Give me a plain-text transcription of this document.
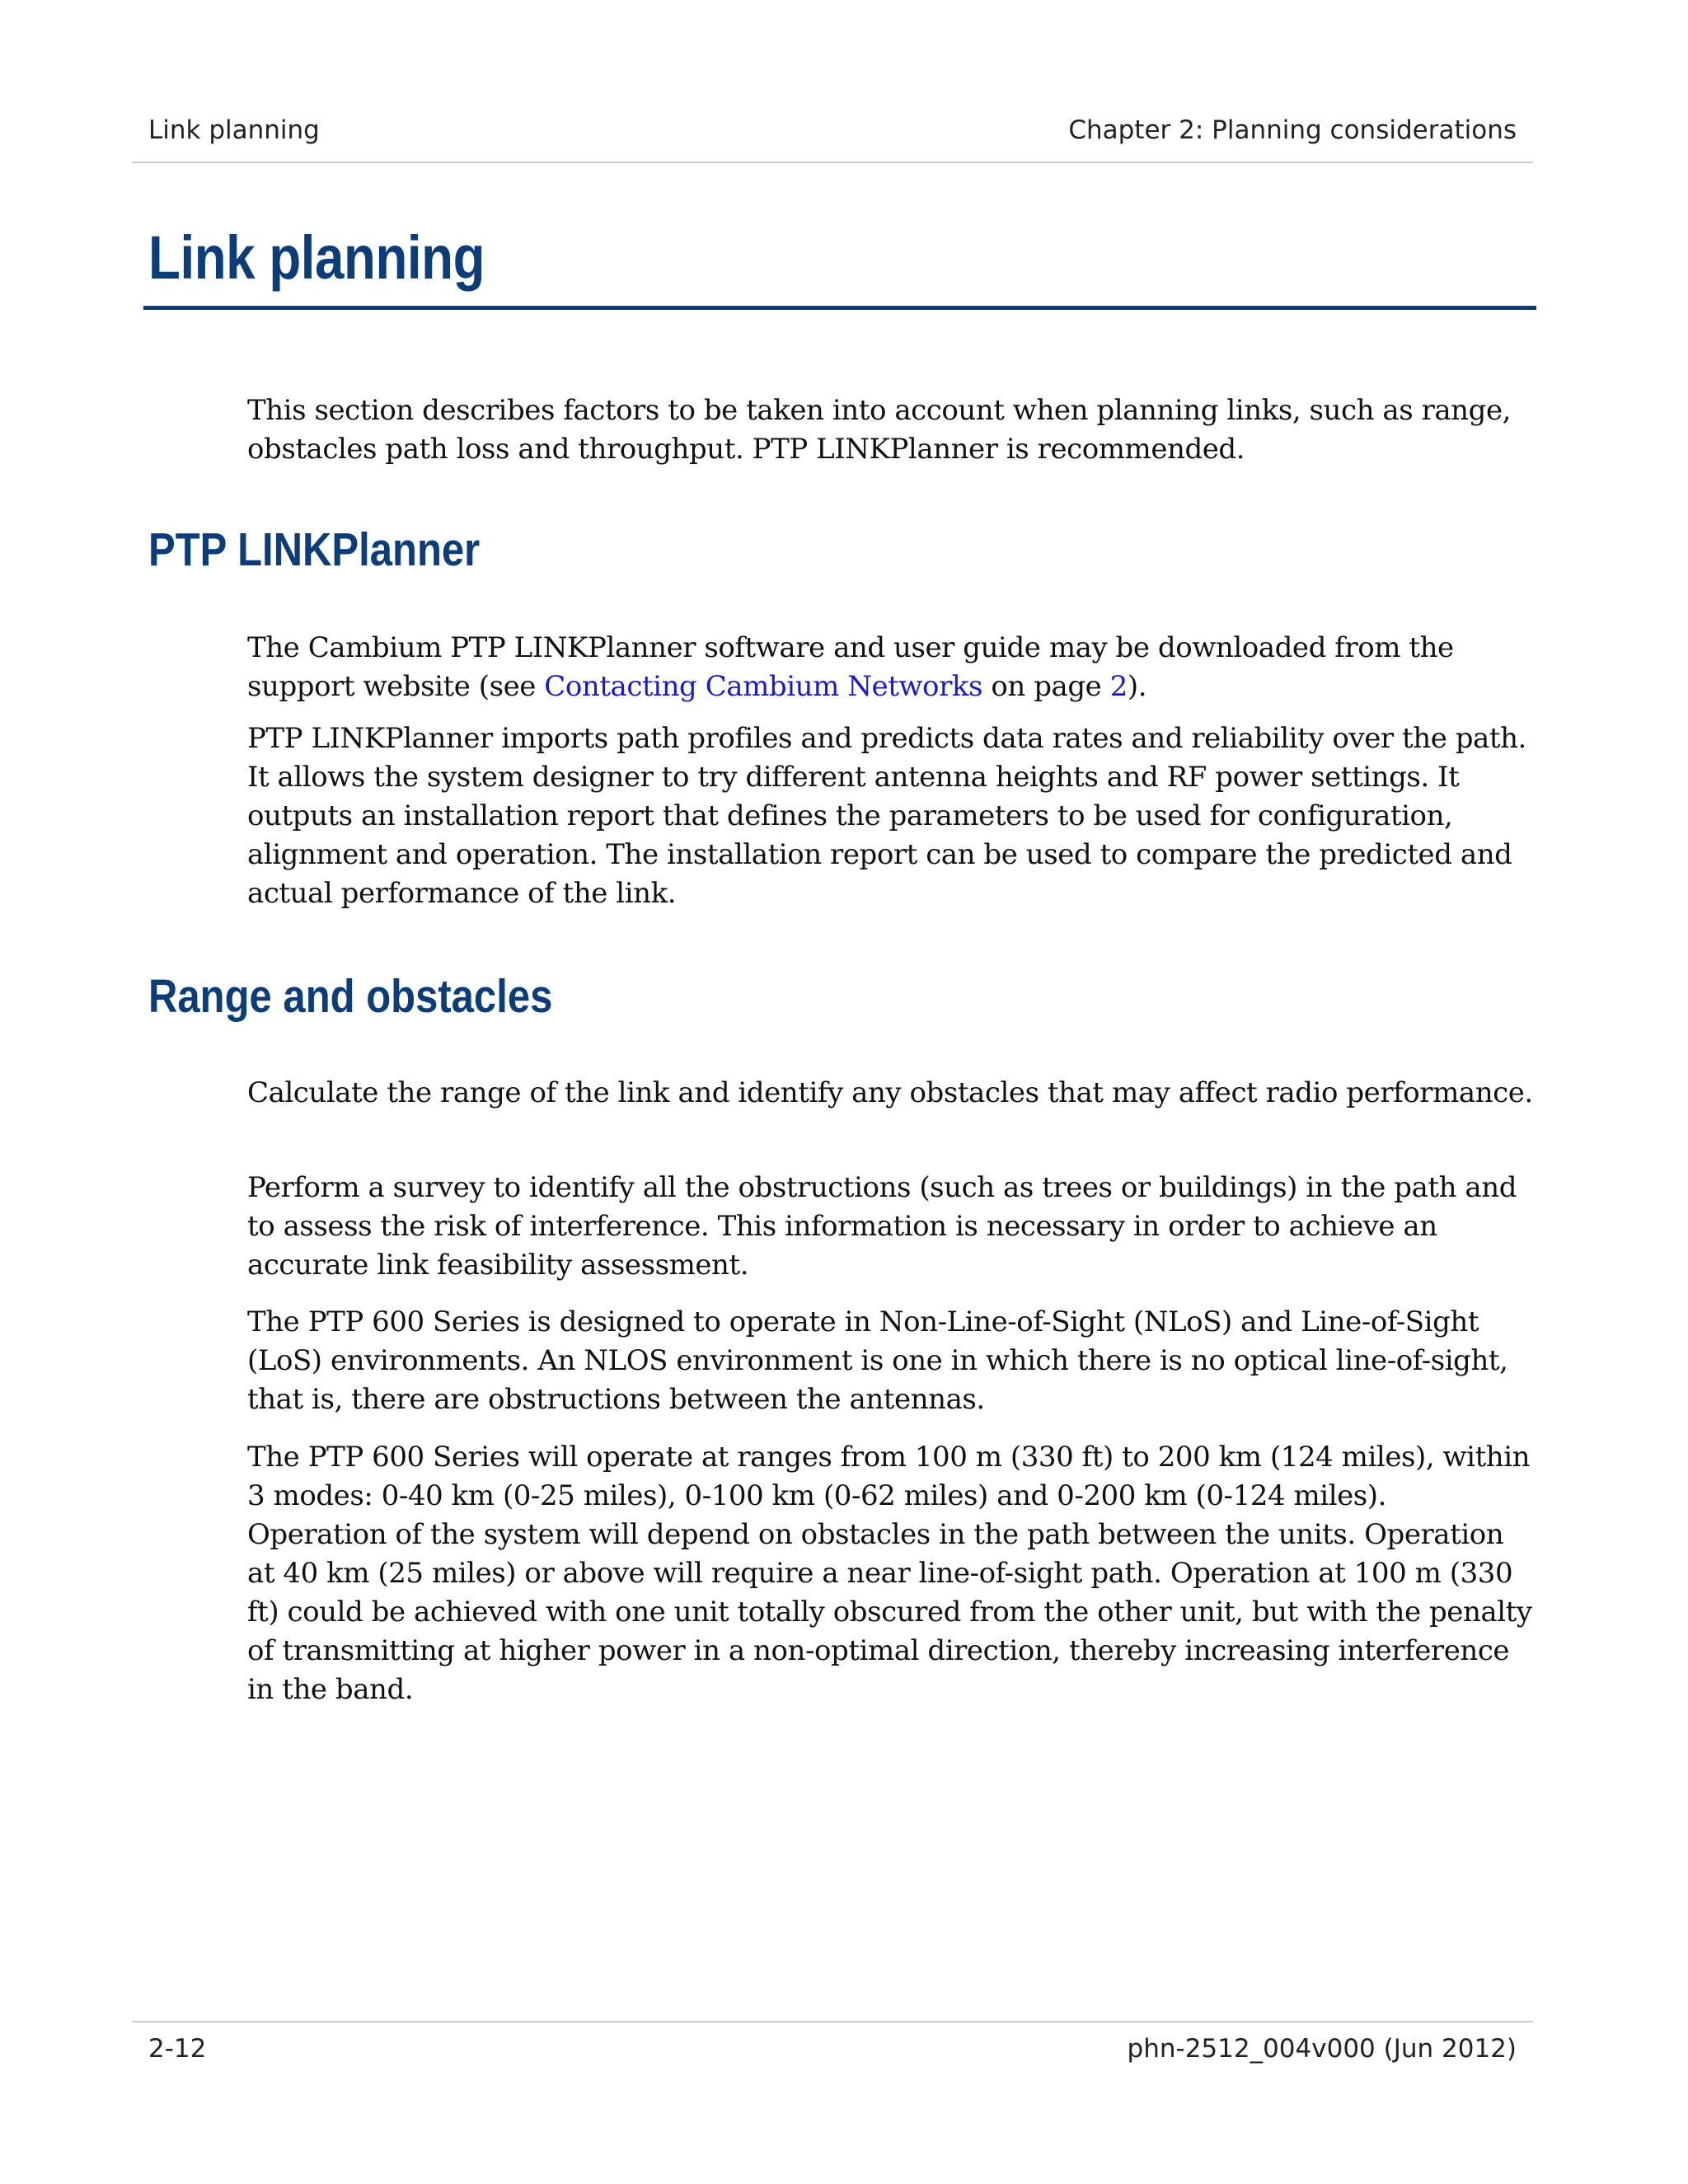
Link planning	Chapter 2: Planning considerations
Link planning

This section describes factors to be taken into account when planning links, such as range, obstacles path loss and throughput. PTP LINKPlanner is recommended.

PTP LINKPlanner

The Cambium PTP LINKPlanner software and user guide may be downloaded from the support website (see Contacting Cambium Networks on page 2).

PTP LINKPlanner imports path profiles and predicts data rates and reliability over the path. It allows the system designer to try different antenna heights and RF power settings. It outputs an installation report that defines the parameters to be used for configuration, alignment and operation. The installation report can be used to compare the predicted and actual performance of the link.

Range and obstacles

Calculate the range of the link and identify any obstacles that may affect radio performance.

Perform a survey to identify all the obstructions (such as trees or buildings) in the path and to assess the risk of interference. This information is necessary in order to achieve an accurate link feasibility assessment.

The PTP 600 Series is designed to operate in Non-Line-of-Sight (NLoS) and Line-of-Sight (LoS) environments. An NLOS environment is one in which there is no optical line-of-sight, that is, there are obstructions between the antennas.

The PTP 600 Series will operate at ranges from 100 m (330 ft) to 200 km (124 miles), within 3 modes: 0-40 km (0-25 miles), 0-100 km (0-62 miles) and 0-200 km (0-124 miles). Operation of the system will depend on obstacles in the path between the units. Operation at 40 km (25 miles) or above will require a near line-of-sight path. Operation at 100 m (330 ft) could be achieved with one unit totally obscured from the other unit, but with the penalty of transmitting at higher power in a non-optimal direction, thereby increasing interference in the band.

2-12	phn-2512_004v000 (Jun 2012)
